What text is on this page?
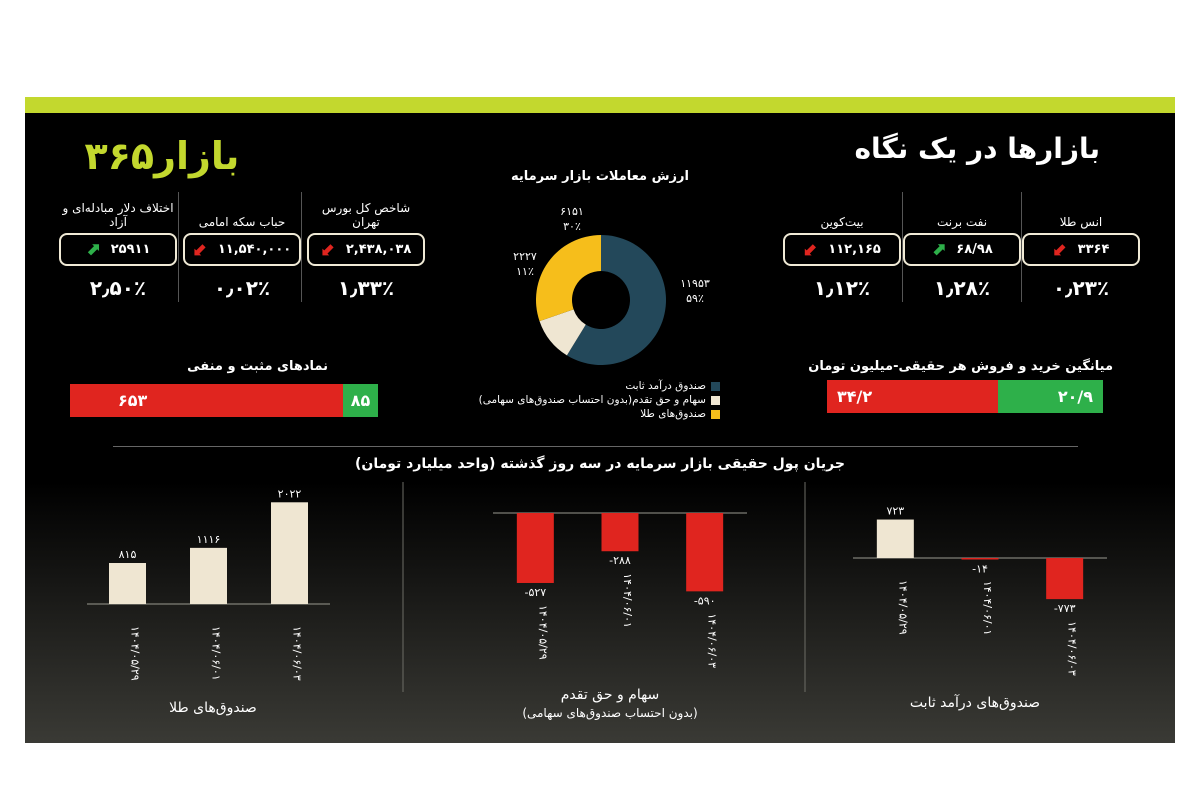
بازارها در یک نگاه
بازار۳۶۵
شاخص کل بورس تهران
⬋ ۲,۴۳۸,۰۳۸
۱٫۳۳٪
حباب سکه امامی
⬋ ۱۱,۵۴۰,۰۰۰
۰٫۰۲٪
اختلاف دلار مبادله‌ای و آزاد
⬈ ۲۵۹۱۱
۲٫۵۰٪
انس طلا
⬋ ۳۳۶۴
۰٫۲۳٪
نفت برنت
⬈ ۶۸/۹۸
۱٫۲۸٪
بیت‌کوین
⬋ ۱۱۲,۱۶۵
۱٫۱۲٪
ارزش معاملات بازار سرمایه
نمادهای مثبت و منفی
۶۵۳	۸۵
میانگین خرید و فروش هر حقیقی-میلیون تومان
۳۴/۲	۲۰/۹
صندوق درآمد ثابت
سهام و حق تقدم(بدون احتساب صندوق‌های سهامی)
صندوق‌های طلا
جریان پول حقیقی بازار سرمایه در سه روز گذشته (واحد میلیارد تومان)
۱۱۹۵۳
۵۹٪
۲۲۲۷
۱۱٪
۶۱۵۱
۳۰٪
۸۱۵
۱۴۰۴/۰۵/۲۹
۱۱۱۶
۱۴۰۴/۰۶/۰۱
۲۰۲۲
۱۴۰۴/۰۶/۰۳
صندوق‌های طلا
-۵۲۷
۱۴۰۴/۰۵/۲۹
-۲۸۸
۱۴۰۴/۰۶/۰۱	-۵۹۰
۱۴۰۴/۰۶/۰۳
سهام و حق تقدم
(بدون احتساب صندوق‌های سهامی)
۷۲۳
۱۴۰۴/۰۵/۲۹
-۱۴
۱۴۰۴/۰۶/۰۱	-۷۷۳
۱۴۰۴/۰۶/۰۳
صندوق‌های درآمد ثابت
